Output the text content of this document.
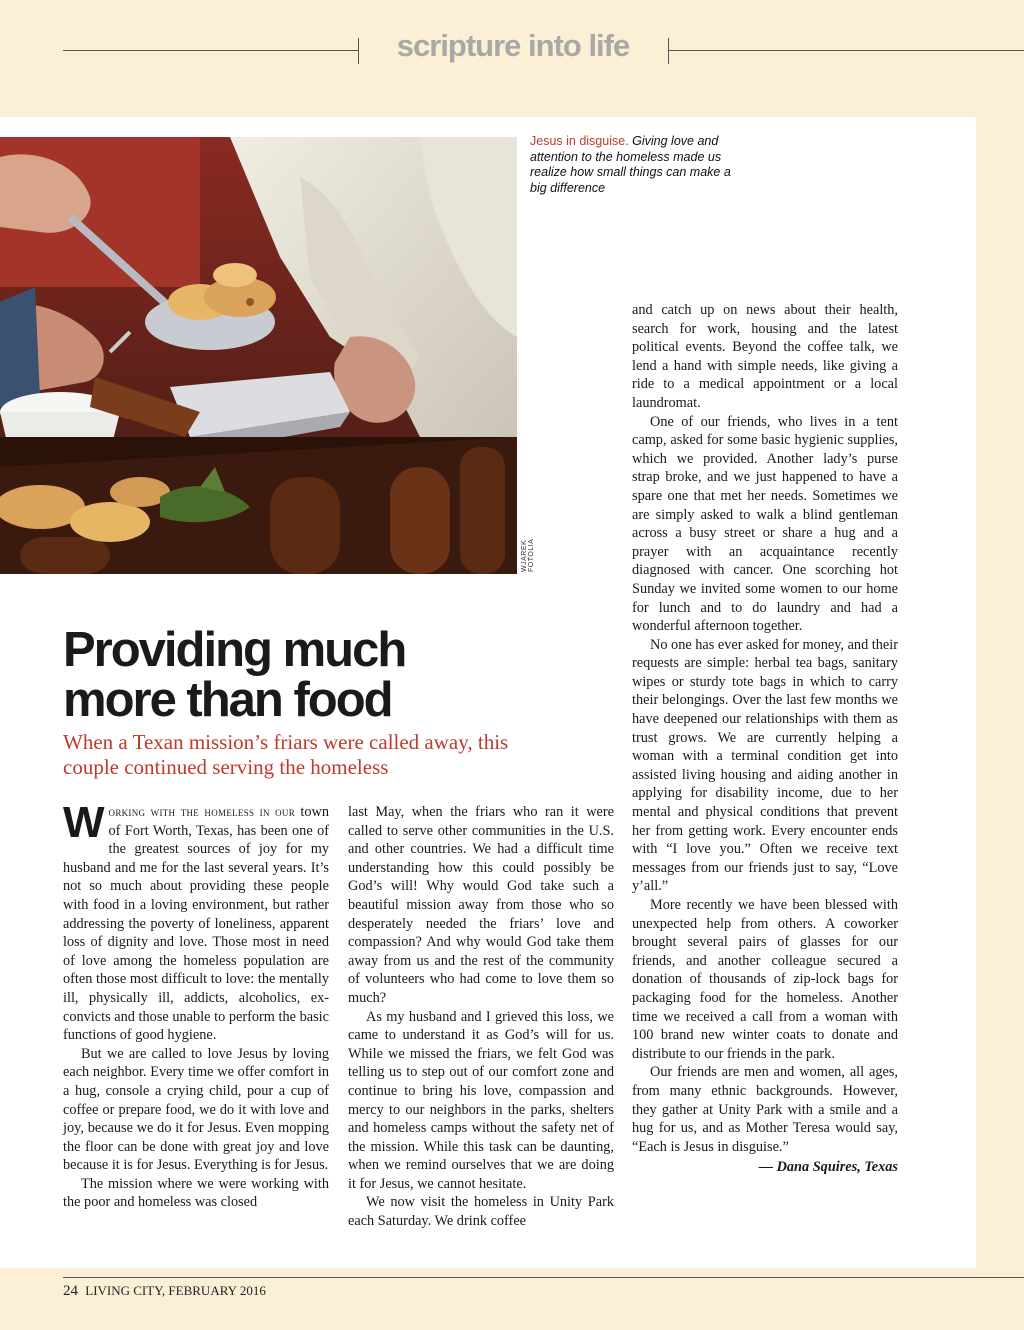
scripture into life
WJAREK · FOTOLIA
Jesus in disguise. Giving love and attention to the homeless made us realize how small things can make a big difference
Providing much more than food
When a Texan mission’s friars were called away, this couple continued serving the homeless

Working with the homeless in our town of Fort Worth, Texas, has been one of the greatest sources of joy for my husband and me for the last several years. It’s not so much about providing these people with food in a loving environment, but rather addressing the poverty of loneliness, apparent loss of dignity and love. Those most in need of love among the homeless population are often those most difficult to love: the mentally ill, physically ill, addicts, alcoholics, ex-convicts and those unable to perform the basic functions of good hygiene.

But we are called to love Jesus by loving each neighbor. Every time we offer comfort in a hug, console a crying child, pour a cup of coffee or prepare food, we do it with love and joy, because we do it for Jesus. Even mopping the floor can be done with great joy and love because it is for Jesus. Everything is for Jesus.

The mission where we were working with the poor and homeless was closed

last May, when the friars who ran it were called to serve other communities in the U.S. and other countries. We had a difficult time understanding how this could possibly be God’s will! Why would God take such a beautiful mission away from those who so desperately needed the friars’ love and compassion? And why would God take them away from us and the rest of the community of volunteers who had come to love them so much?

As my husband and I grieved this loss, we came to understand it as God’s will for us. While we missed the friars, we felt God was telling us to step out of our comfort zone and continue to bring his love, compassion and mercy to our neighbors in the parks, shelters and homeless camps without the safety net of the mission. While this task can be daunting, when we remind ourselves that we are doing it for Jesus, we cannot hesitate.

We now visit the homeless in Unity Park each Saturday. We drink coffee

and catch up on news about their health, search for work, housing and the latest political events. Beyond the coffee talk, we lend a hand with simple needs, like giving a ride to a medical appointment or a local laundromat.

One of our friends, who lives in a tent camp, asked for some basic hygienic supplies, which we provided. Another lady’s purse strap broke, and we just happened to have a spare one that met her needs. Sometimes we are simply asked to walk a blind gentleman across a busy street or share a hug and a prayer with an acquaintance recently diagnosed with cancer. One scorching hot Sunday we invited some women to our home for lunch and to do laundry and had a wonderful afternoon together.

No one has ever asked for money, and their requests are simple: herbal tea bags, sanitary wipes or sturdy tote bags in which to carry their belongings. Over the last few months we have deepened our relationships with them as trust grows. We are currently helping a woman with a terminal condition get into assisted living housing and aiding another in applying for disability income, due to her mental and physical conditions that prevent her from getting work. Every encounter ends with “I love you.” Often we receive text messages from our friends just to say, “Love y’all.”

More recently we have been blessed with unexpected help from others. A coworker brought several pairs of glasses for our friends, and another colleague secured a donation of thousands of zip-lock bags for packaging food for the homeless. Another time we received a call from a woman with 100 brand new winter coats to donate and distribute to our friends in the park.

Our friends are men and women, all ages, from many ethnic backgrounds. However, they gather at Unity Park with a smile and a hug for us, and as Mother Teresa would say, “Each is Jesus in disguise.”

— Dana Squires, Texas
24 LIVING CITY, FEBRUARY 2016
